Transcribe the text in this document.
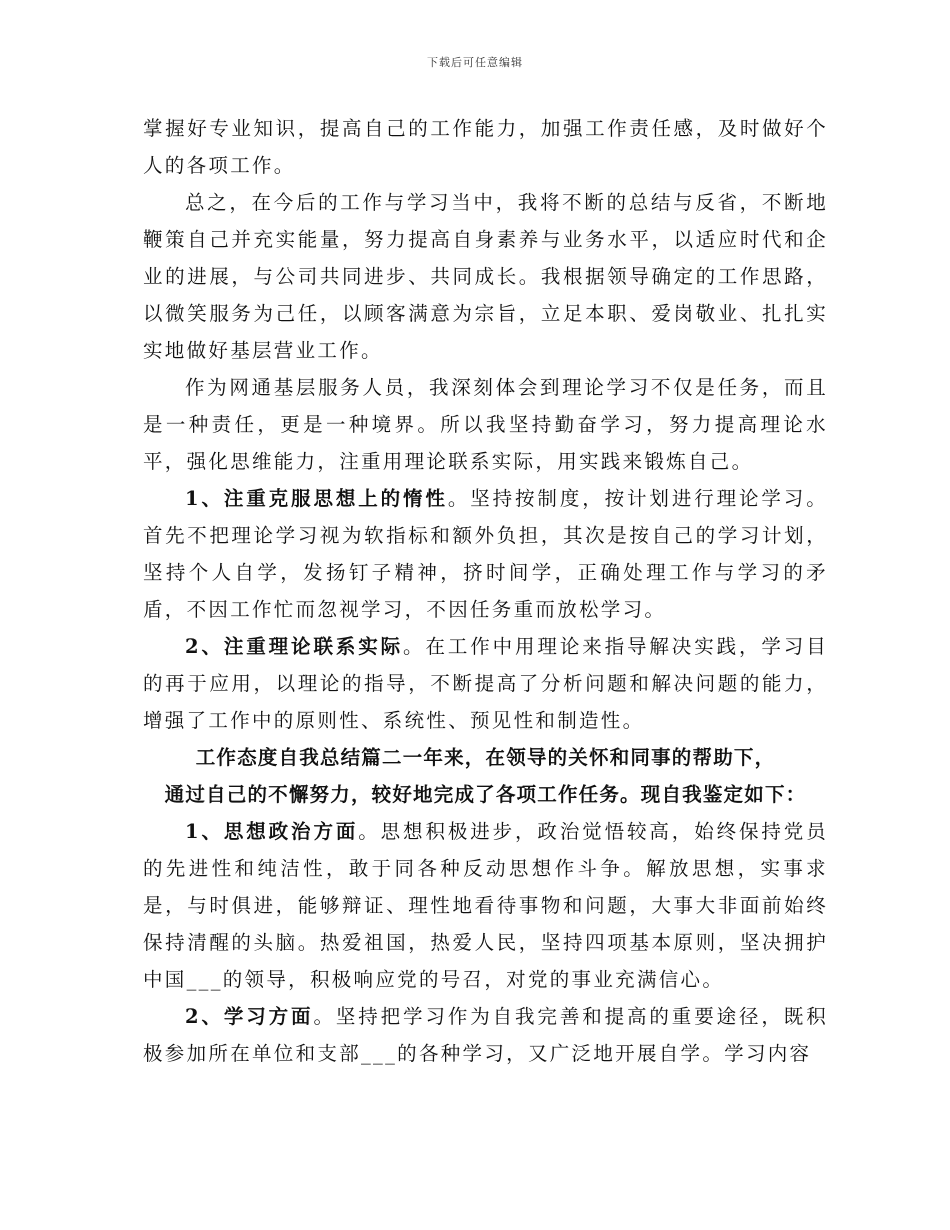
下载后可任意编辑

掌握好专业知识，提高自己的工作能力，加强工作责任感，及时做好个人的各项工作。

总之，在今后的工作与学习当中，我将不断的总结与反省，不断地鞭策自己并充实能量，努力提高自身素养与业务水平，以适应时代和企业的进展，与公司共同进步、共同成长。我根据领导确定的工作思路，以微笑服务为己任，以顾客满意为宗旨，立足本职、爱岗敬业、扎扎实实地做好基层营业工作。

作为网通基层服务人员，我深刻体会到理论学习不仅是任务，而且是一种责任，更是一种境界。所以我坚持勤奋学习，努力提高理论水平，强化思维能力，注重用理论联系实际，用实践来锻炼自己。

1、注重克服思想上的惰性。坚持按制度，按计划进行理论学习。首先不把理论学习视为软指标和额外负担，其次是按自己的学习计划，坚持个人自学，发扬钉子精神，挤时间学，正确处理工作与学习的矛盾，不因工作忙而忽视学习，不因任务重而放松学习。

2、注重理论联系实际。在工作中用理论来指导解决实践，学习目的再于应用，以理论的指导，不断提高了分析问题和解决问题的能力，增强了工作中的原则性、系统性、预见性和制造性。

工作态度自我总结篇二一年来，在领导的关怀和同事的帮助下，

通过自己的不懈努力，较好地完成了各项工作任务。现自我鉴定如下：

1、思想政治方面。思想积极进步，政治觉悟较高，始终保持党员的先进性和纯洁性，敢于同各种反动思想作斗争。解放思想，实事求是，与时俱进，能够辩证、理性地看待事物和问题，大事大非面前始终保持清醒的头脑。热爱祖国，热爱人民，坚持四项基本原则，坚决拥护中国___的领导，积极响应党的号召，对党的事业充满信心。

2、学习方面。坚持把学习作为自我完善和提高的重要途径，既积极参加所在单位和支部___的各种学习，又广泛地开展自学。学习内容
